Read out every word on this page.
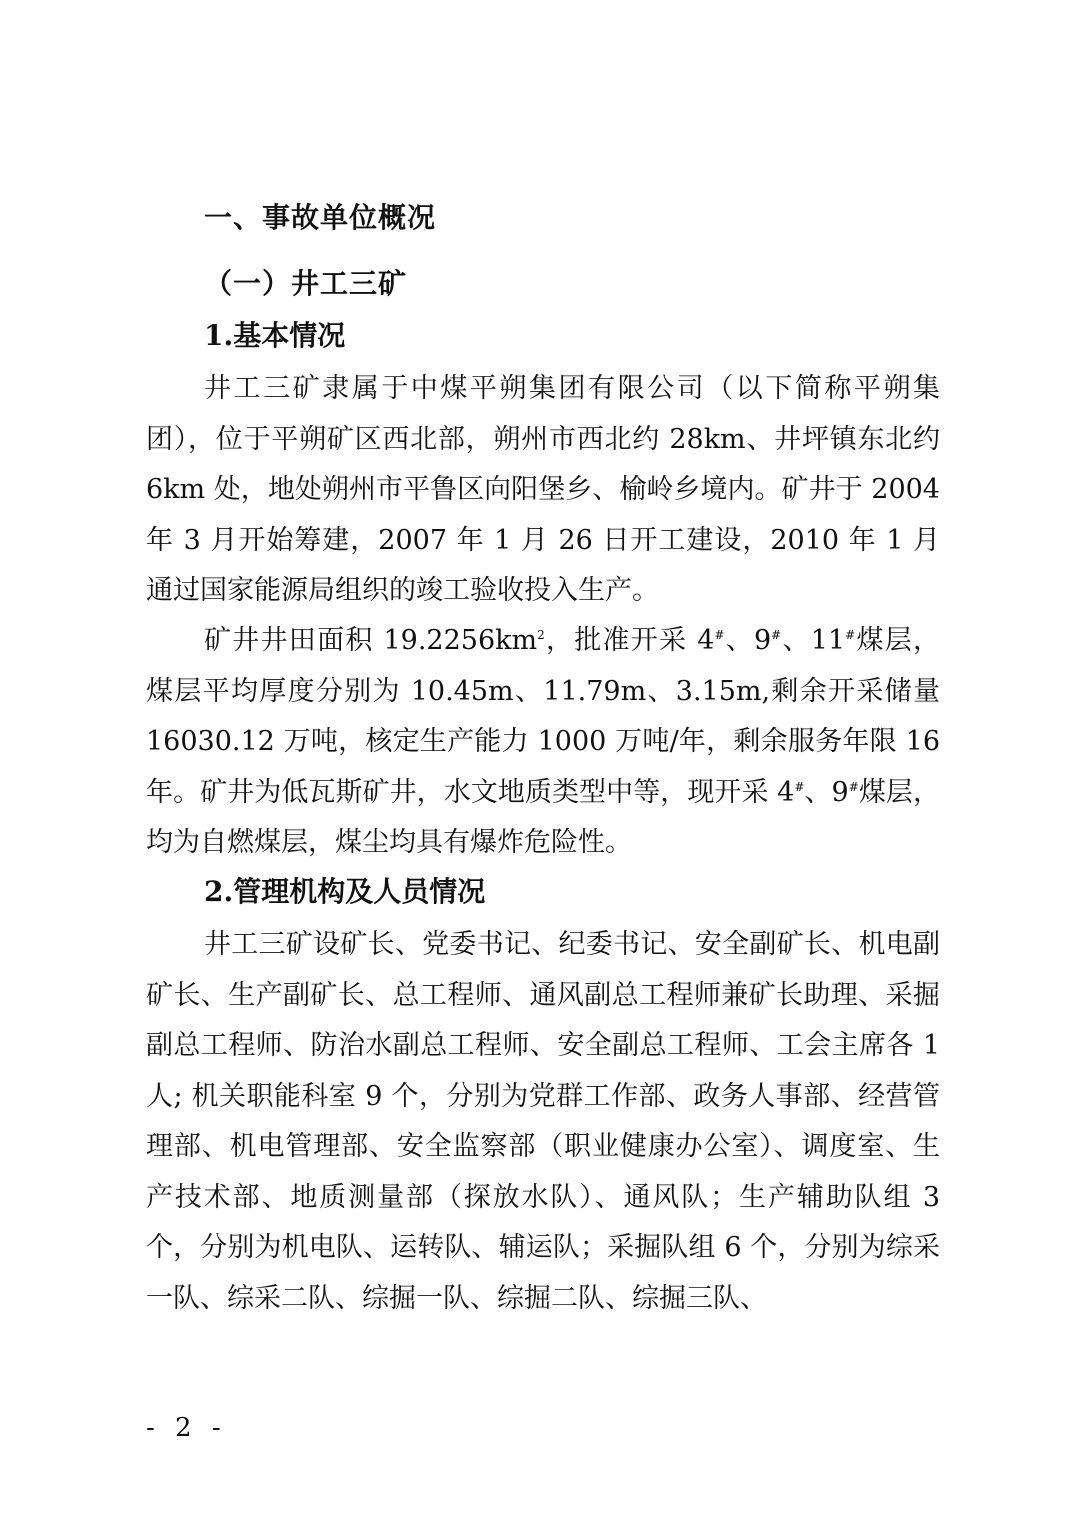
一、事故单位概况
（一）井工三矿
1.基本情况

井工三矿隶属于中煤平朔集团有限公司（以下简称平朔集团），位于平朔矿区西北部，朔州市西北约 28km、井坪镇东北约 6km 处，地处朔州市平鲁区向阳堡乡、榆岭乡境内。矿井于 2004 年 3 月开始筹建，2007 年 1 月 26 日开工建设，2010 年 1 月通过国家能源局组织的竣工验收投入生产。

矿井井田面积 $19.2256km^2$，批准开采 4#、9#、11#煤层，煤层平均厚度分别为 10.45m、11.79m、3.15m,剩余开采储量 16030.12 万吨，核定生产能力 1000 万吨/年，剩余服务年限 16 年。矿井为低瓦斯矿井，水文地质类型中等，现开采 4#、9#煤层，均为自燃煤层，煤尘均具有爆炸危险性。

2.管理机构及人员情况

井工三矿设矿长、党委书记、纪委书记、安全副矿长、机电副矿长、生产副矿长、总工程师、通风副总工程师兼矿长助理、采掘副总工程师、防治水副总工程师、安全副总工程师、工会主席各 1 人; 机关职能科室 9 个，分别为党群工作部、政务人事部、经营管理部、机电管理部、安全监察部（职业健康办公室）、调度室、生产技术部、地质测量部（探放水队）、通风队；生产辅助队组 3 个，分别为机电队、运转队、辅运队；采掘队组 6 个，分别为综采一队、综采二队、综掘一队、综掘二队、综掘三队、

- 2 -
